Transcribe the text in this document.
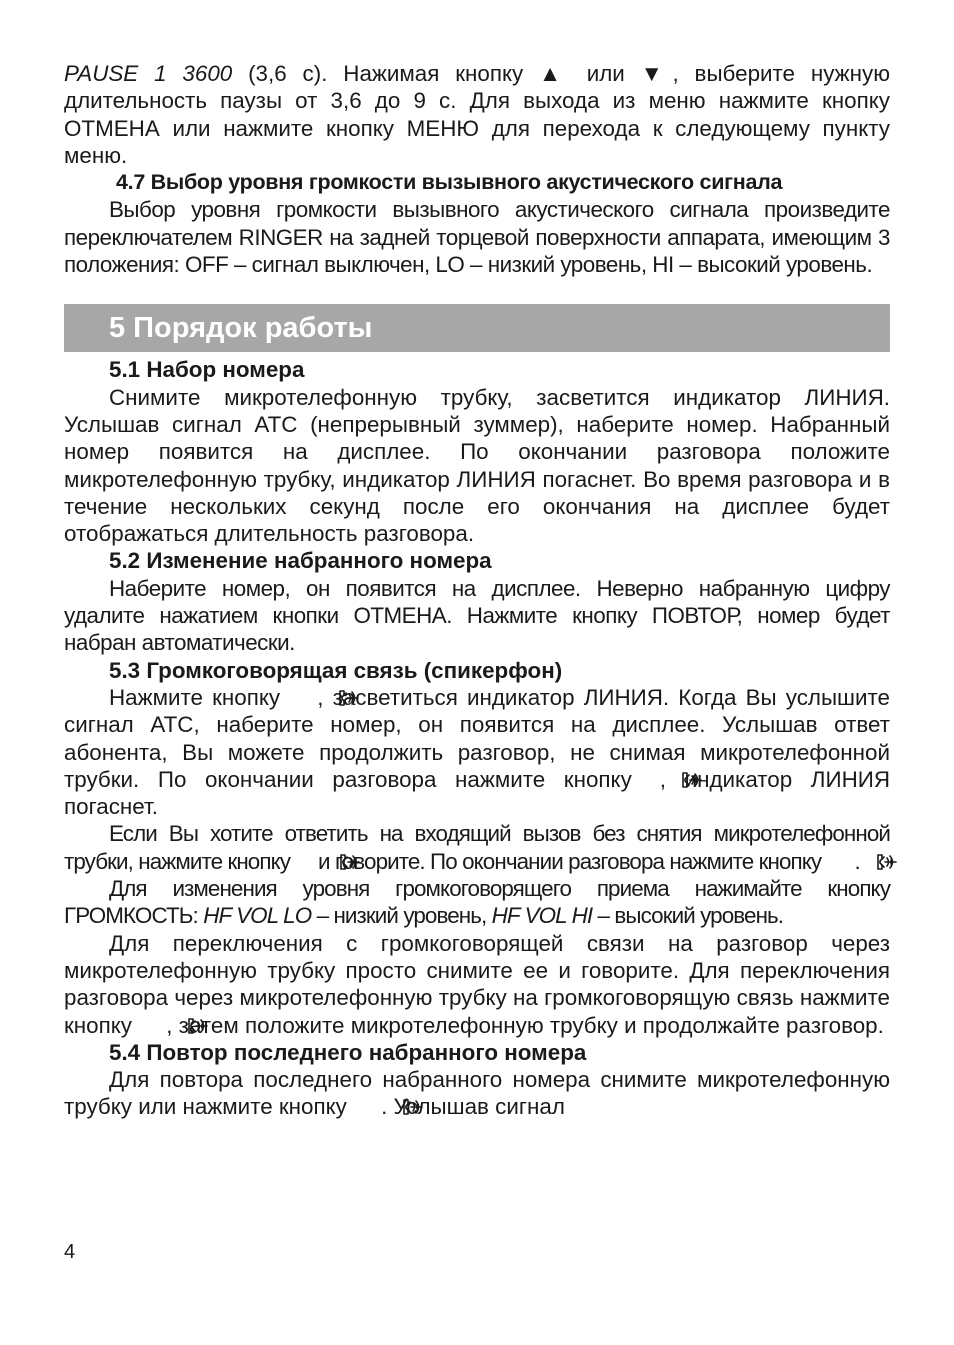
PAUSE 1 3600 (3,6 с). Нажимая кнопку ▲ или ▼, выберите нужную длительность паузы от 3,6 до 9 с. Для выхода из меню нажмите кнопку ОТМЕНА или нажмите кнопку МЕНЮ для перехода к следующему пункту меню.

4.7 Выбор уровня громкости вызывного акустического сигнала

Выбор уровня громкости вызывного акустического сигнала произведите переключателем RINGER на задней торцевой поверхности аппарата, имеющим 3 положения: OFF – сигнал выключен, LO – низкий уровень, HI – высокий уровень.

5 Порядок работы
5.1 Набор номера

Снимите микротелефонную трубку, засветится индикатор ЛИНИЯ. Услышав сигнал АТС (непрерывный зуммер), наберите номер. Набранный номер появится на дисплее. По окончании разговора положите микротелефонную трубку, индикатор ЛИНИЯ погаснет. Во время разговора и в течение нескольких секунд после его окончания на дисплее будет отображаться длительность разговора.

5.2 Изменение набранного номера

Наберите номер, он появится на дисплее. Неверно набранную цифру удалите нажатием кнопки ОТМЕНА. Нажмите кнопку ПОВТОР, номер будет набран автоматически.

5.3 Громкоговорящая связь (спикерфон)

Нажмите кнопку , засветиться индикатор ЛИНИЯ. Когда Вы услышите сигнал АТС, наберите номер, он появится на дисплее. Услышав ответ абонента, Вы можете продолжить разговор, не снимая микротелефонной трубки. По окончании разговора нажмите кнопку , индикатор ЛИНИЯ погаснет.

Если Вы хотите ответить на входящий вызов без снятия микротелефонной трубки, нажмите кнопку и говорите. По окончании разговора нажмите кнопку .

Для изменения уровня громкоговорящего приема нажимайте кнопку ГРОМКОСТЬ: HF VOL LO – низкий уровень, HF VOL HI – высокий уровень.

Для переключения с громкоговорящей связи на разговор через микротелефонную трубку просто снимите ее и говорите. Для переключения разговора через микротелефонную трубку на громкоговорящую связь нажмите кнопку , затем положите микротелефонную трубку и продолжайте разговор.

5.4 Повтор последнего набранного номера

Для повтора последнего набранного номера снимите микротелефонную трубку или нажмите кнопку . Услышав сигнал

4
